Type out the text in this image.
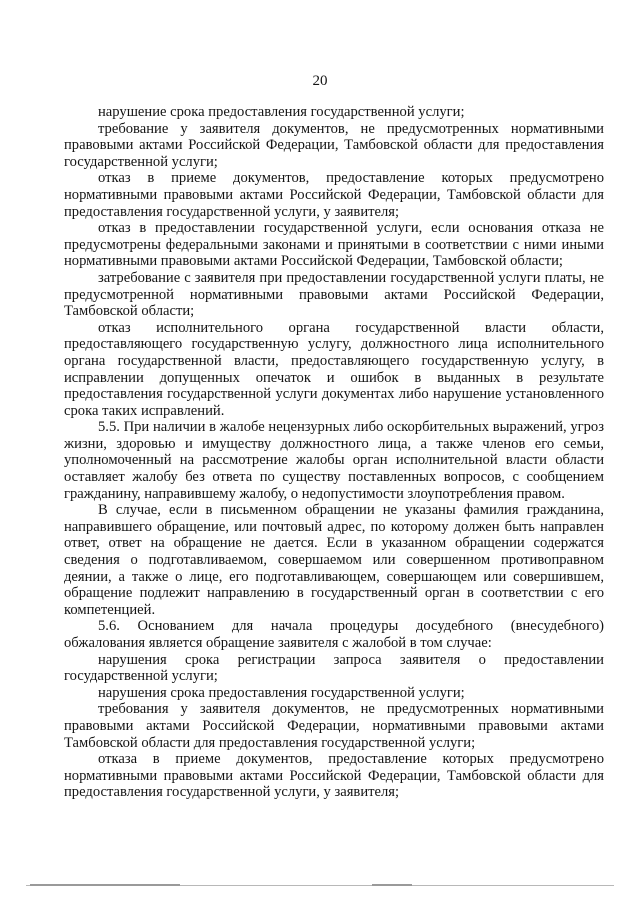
20

нарушение срока предоставления государственной услуги;

требование у заявителя документов, не предусмотренных нормативными правовыми актами Российской Федерации, Тамбовской области для предоставления государственной услуги;

отказ в приеме документов, предоставление которых предусмотрено нормативными правовыми актами Российской Федерации, Тамбовской области для предоставления государственной услуги, у заявителя;

отказ в предоставлении государственной услуги, если основания отказа не предусмотрены федеральными законами и принятыми в соответствии с ними иными нормативными правовыми актами Российской Федерации, Тамбовской области;

затребование с заявителя при предоставлении государственной услуги платы, не предусмотренной нормативными правовыми актами Российской Федерации, Тамбовской области;

отказ исполнительного органа государственной власти области, предоставляющего государственную услугу, должностного лица исполнительного органа государственной власти, предоставляющего государственную услугу, в исправлении допущенных опечаток и ошибок в выданных в результате предоставления государственной услуги документах либо нарушение установленного срока таких исправлений.

5.5. При наличии в жалобе нецензурных либо оскорбительных выражений, угроз жизни, здоровью и имуществу должностного лица, а также членов его семьи, уполномоченный на рассмотрение жалобы орган исполнительной власти области оставляет жалобу без ответа по существу поставленных вопросов, с сообщением гражданину, направившему жалобу, о недопустимости злоупотребления правом.

В случае, если в письменном обращении не указаны фамилия гражданина, направившего обращение, или почтовый адрес, по которому должен быть направлен ответ, ответ на обращение не дается. Если в указанном обращении содержатся сведения о подготавливаемом, совершаемом или совершенном противоправном деянии, а также о лице, его подготавливающем, совершающем или совершившем, обращение подлежит направлению в государственный орган в соответствии с его компетенцией.

5.6. Основанием для начала процедуры досудебного (внесудебного) обжалования является обращение заявителя с жалобой в том случае:

нарушения срока регистрации запроса заявителя о предоставлении государственной услуги;

нарушения срока предоставления государственной услуги;

требования у заявителя документов, не предусмотренных нормативными правовыми актами Российской Федерации, нормативными правовыми актами Тамбовской области для предоставления государственной услуги;

отказа в приеме документов, предоставление которых предусмотрено нормативными правовыми актами Российской Федерации, Тамбовской области для предоставления государственной услуги, у заявителя;
